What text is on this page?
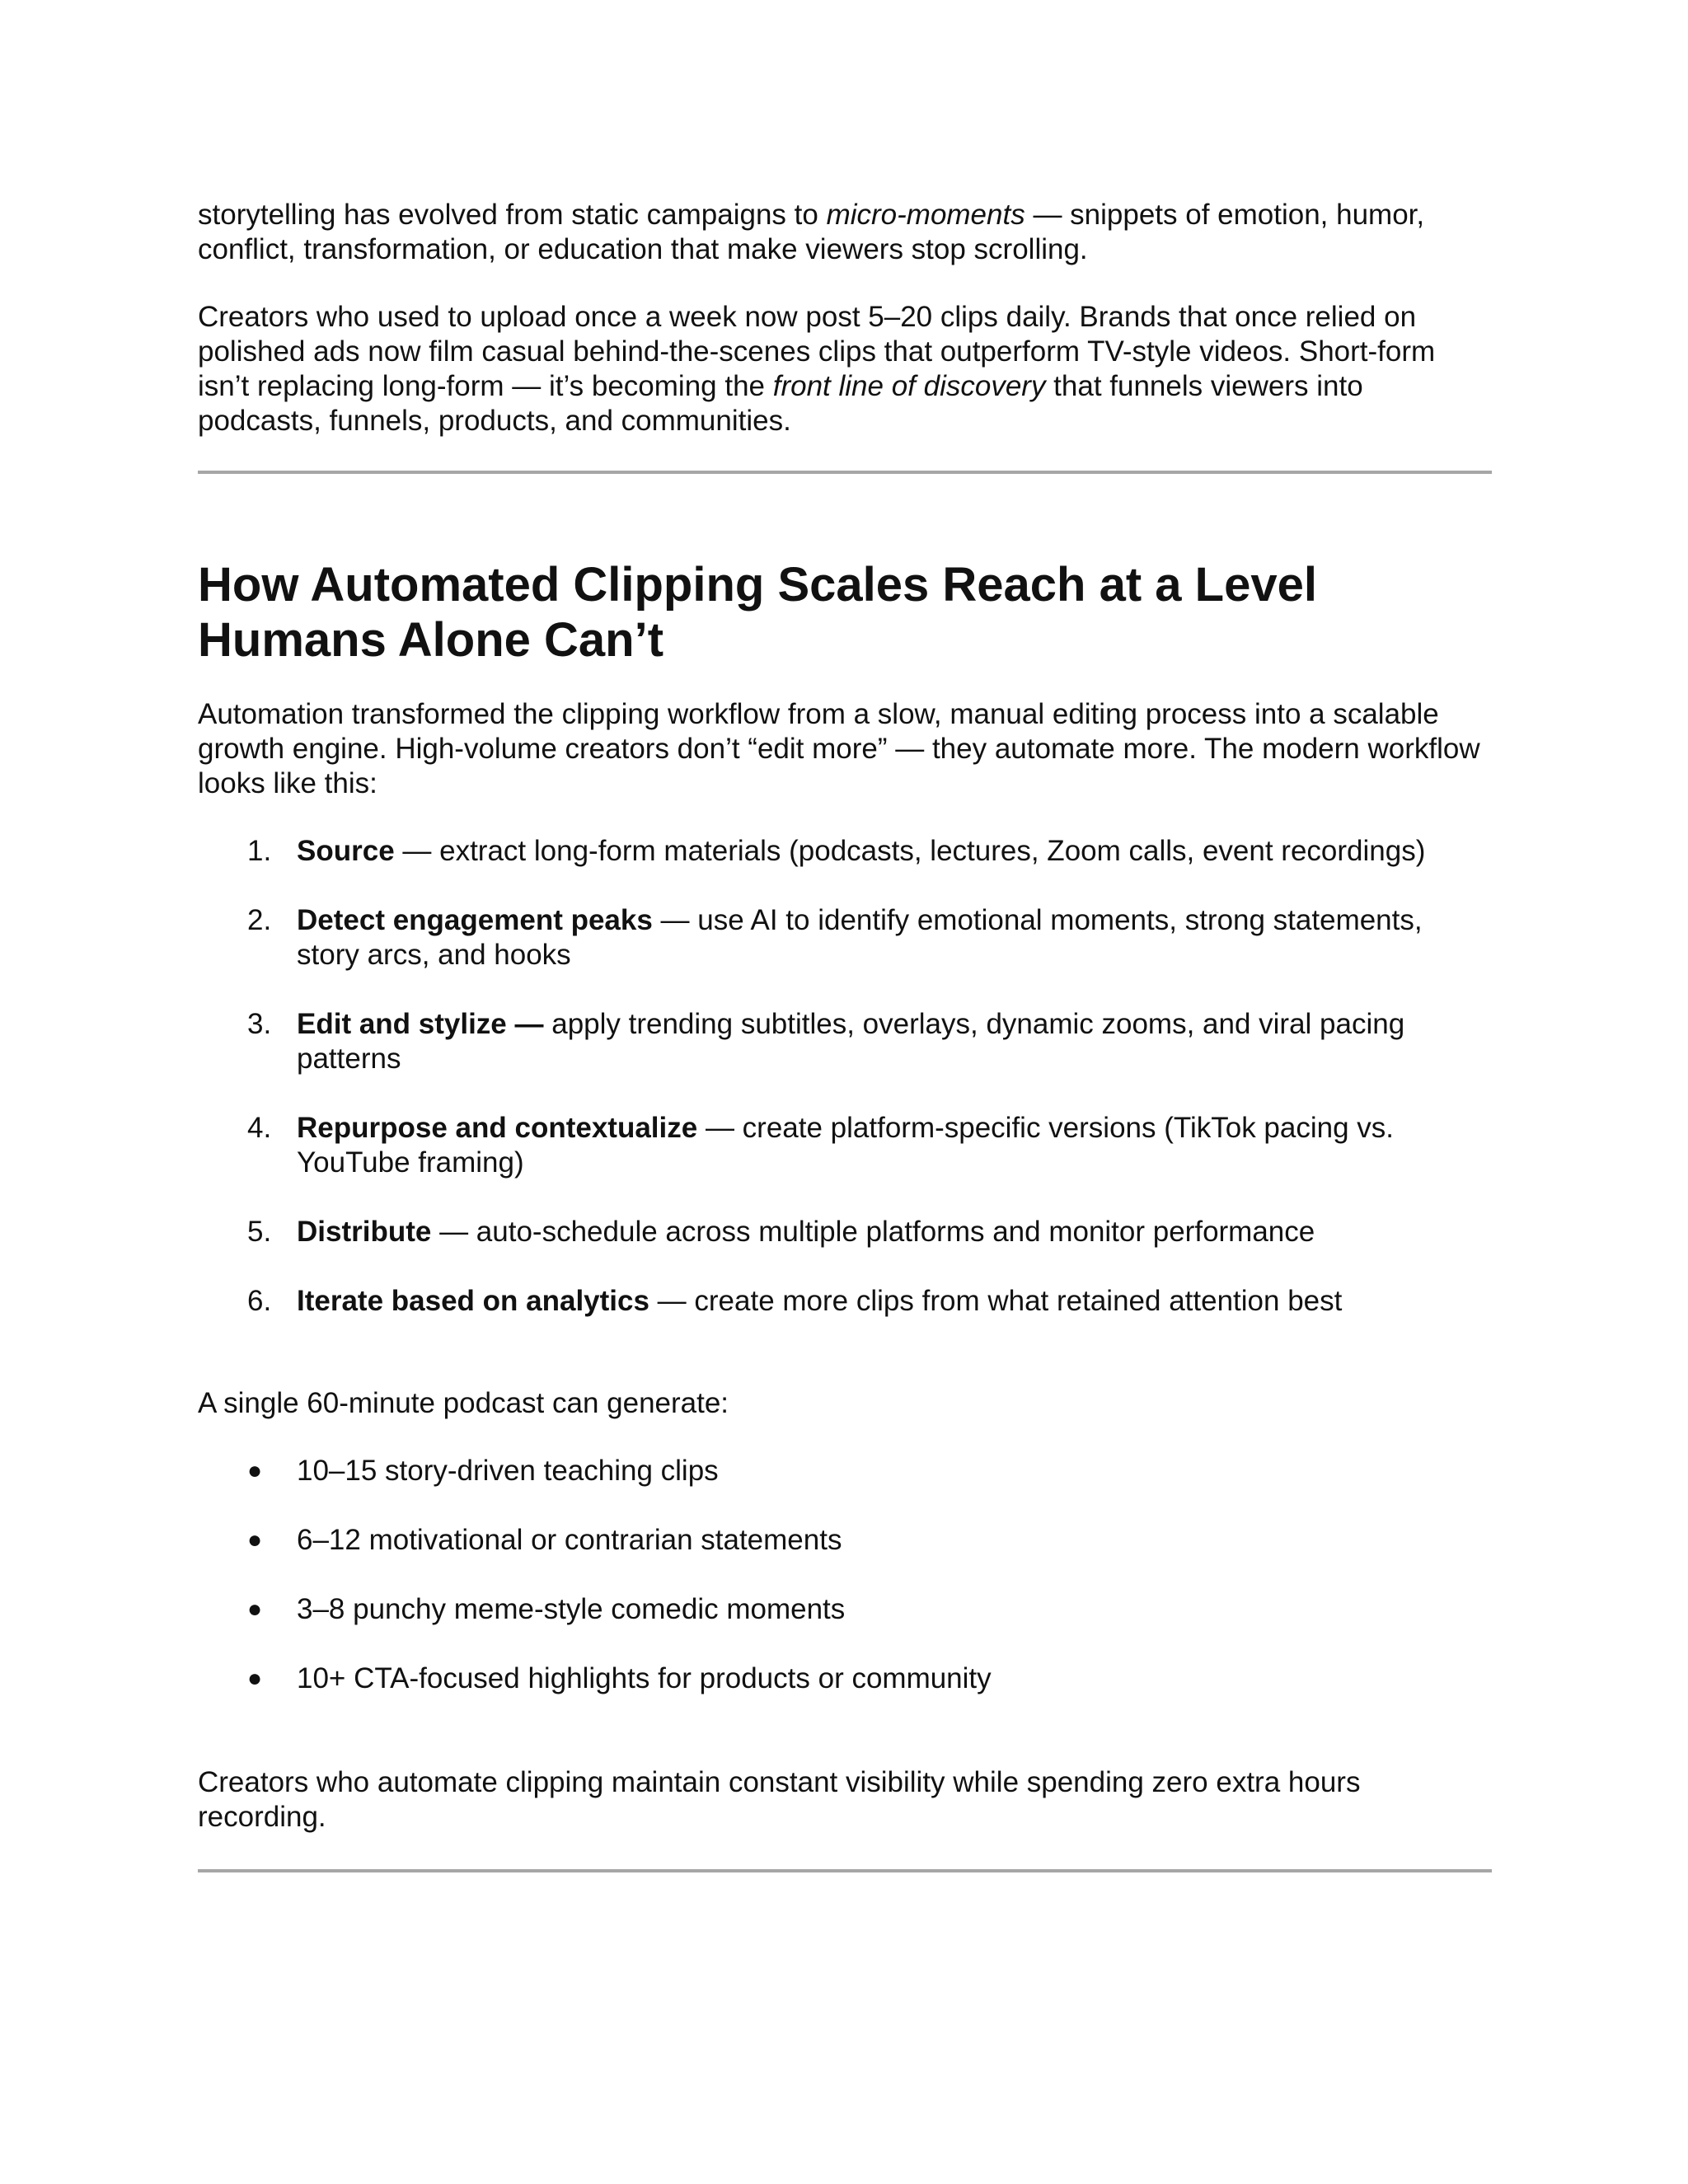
storytelling has evolved from static campaigns to micro-moments — snippets of emotion, humor, conflict, transformation, or education that make viewers stop scrolling.

Creators who used to upload once a week now post 5–20 clips daily. Brands that once relied on polished ads now film casual behind-the-scenes clips that outperform TV-style videos. Short-form isn’t replacing long-form — it’s becoming the front line of discovery that funnels viewers into podcasts, funnels, products, and communities.

How Automated Clipping Scales Reach at a Level
Humans Alone Can’t

Automation transformed the clipping workflow from a slow, manual editing process into a scalable growth engine. High-volume creators don’t “edit more” — they automate more. The modern workflow looks like this:

1. Source — extract long-form materials (podcasts, lectures, Zoom calls, event recordings)
2. Detect engagement peaks — use AI to identify emotional moments, strong statements, story arcs, and hooks
3. Edit and stylize — apply trending subtitles, overlays, dynamic zooms, and viral pacing patterns
4. Repurpose and contextualize — create platform-specific versions (TikTok pacing vs. YouTube framing)
5. Distribute — auto-schedule across multiple platforms and monitor performance
6. Iterate based on analytics — create more clips from what retained attention best

A single 60-minute podcast can generate:

●	10–15 story-driven teaching clips
●	6–12 motivational or contrarian statements
●	3–8 punchy meme-style comedic moments
●	10+ CTA-focused highlights for products or community

Creators who automate clipping maintain constant visibility while spending zero extra hours recording.
